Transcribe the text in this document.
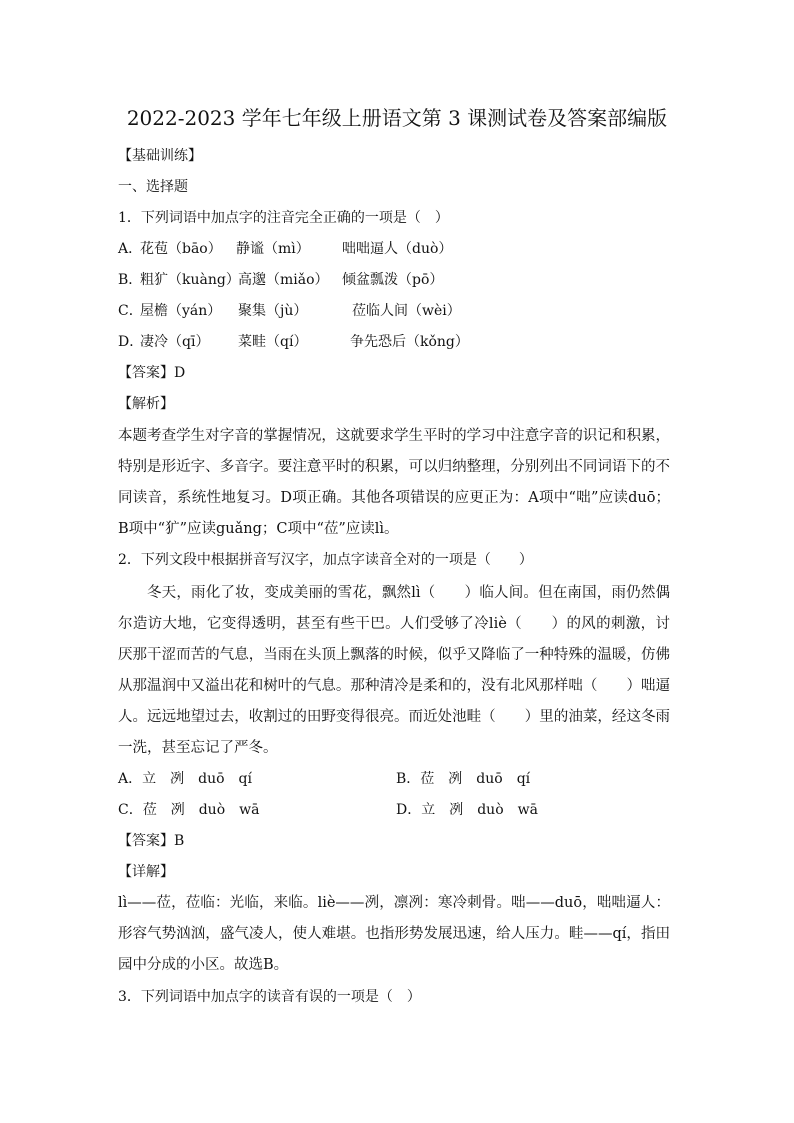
2022-2023 学年七年级上册语文第 3 课测试卷及答案部编版
【基础训练】
一、选择题
1．下列词语中加点字的注音完全正确的一项是（　）
A．
花苞（bāo） 静谧（mì） 咄咄逼人（duò）
B．
粗犷（kuàng）
高邈（miǎo） 倾盆瓢泼（pō）
C．
屋檐（yán） 聚集（jù）	莅临人间（wèi）
D．
凄冷（qī） 菜畦（qí）	争先恐后（kǒng）
【答案】D
【解析】
本题考查学生对字音的掌握情况，这就要求学生平时的学习中注意字音的识记和积累，特别是形近字、多音字。要注意平时的积累，可以归纳整理，分别列出不同词语下的不同读音，系统性地复习。D项正确。其他各项错误的应更正为：A项中“咄”应读duō；B项中“犷”应读guǎng；C项中“莅”应读lì。
2．下列文段中根据拼音写汉字，加点字读音全对的一项是（　　）
冬天，雨化了妆，变成美丽的雪花，飘然lì（　　）临人间。但在南国，雨仍然偶尔造访大地，它变得透明，甚至有些干巴。人们受够了冷liè（　　）的风的刺激，讨厌那干涩而苦的气息，当雨在头顶上飘落的时候，似乎又降临了一种特殊的温暖，仿佛从那温润中又溢出花和树叶的气息。那种清冷是柔和的，没有北风那样咄（　　）咄逼人。远远地望过去，收割过的田野变得很亮。而近处池畦（　　）里的油菜，经这冬雨一洗，甚至忘记了严冬。
A．立　冽　duō　qí	B．莅　冽　duō　qí
C．莅　冽　duò　wā	D．立　冽　duò　wā
【答案】B
【详解】
lì——莅，莅临：光临，来临。liè——冽，凛冽：寒冷刺骨。咄——duō，咄咄逼人：形容气势汹汹，盛气凌人，使人难堪。也指形势发展迅速，给人压力。畦——qí，指田园中分成的小区。故选B。
3．下列词语中加点字的读音有误的一项是（　）
